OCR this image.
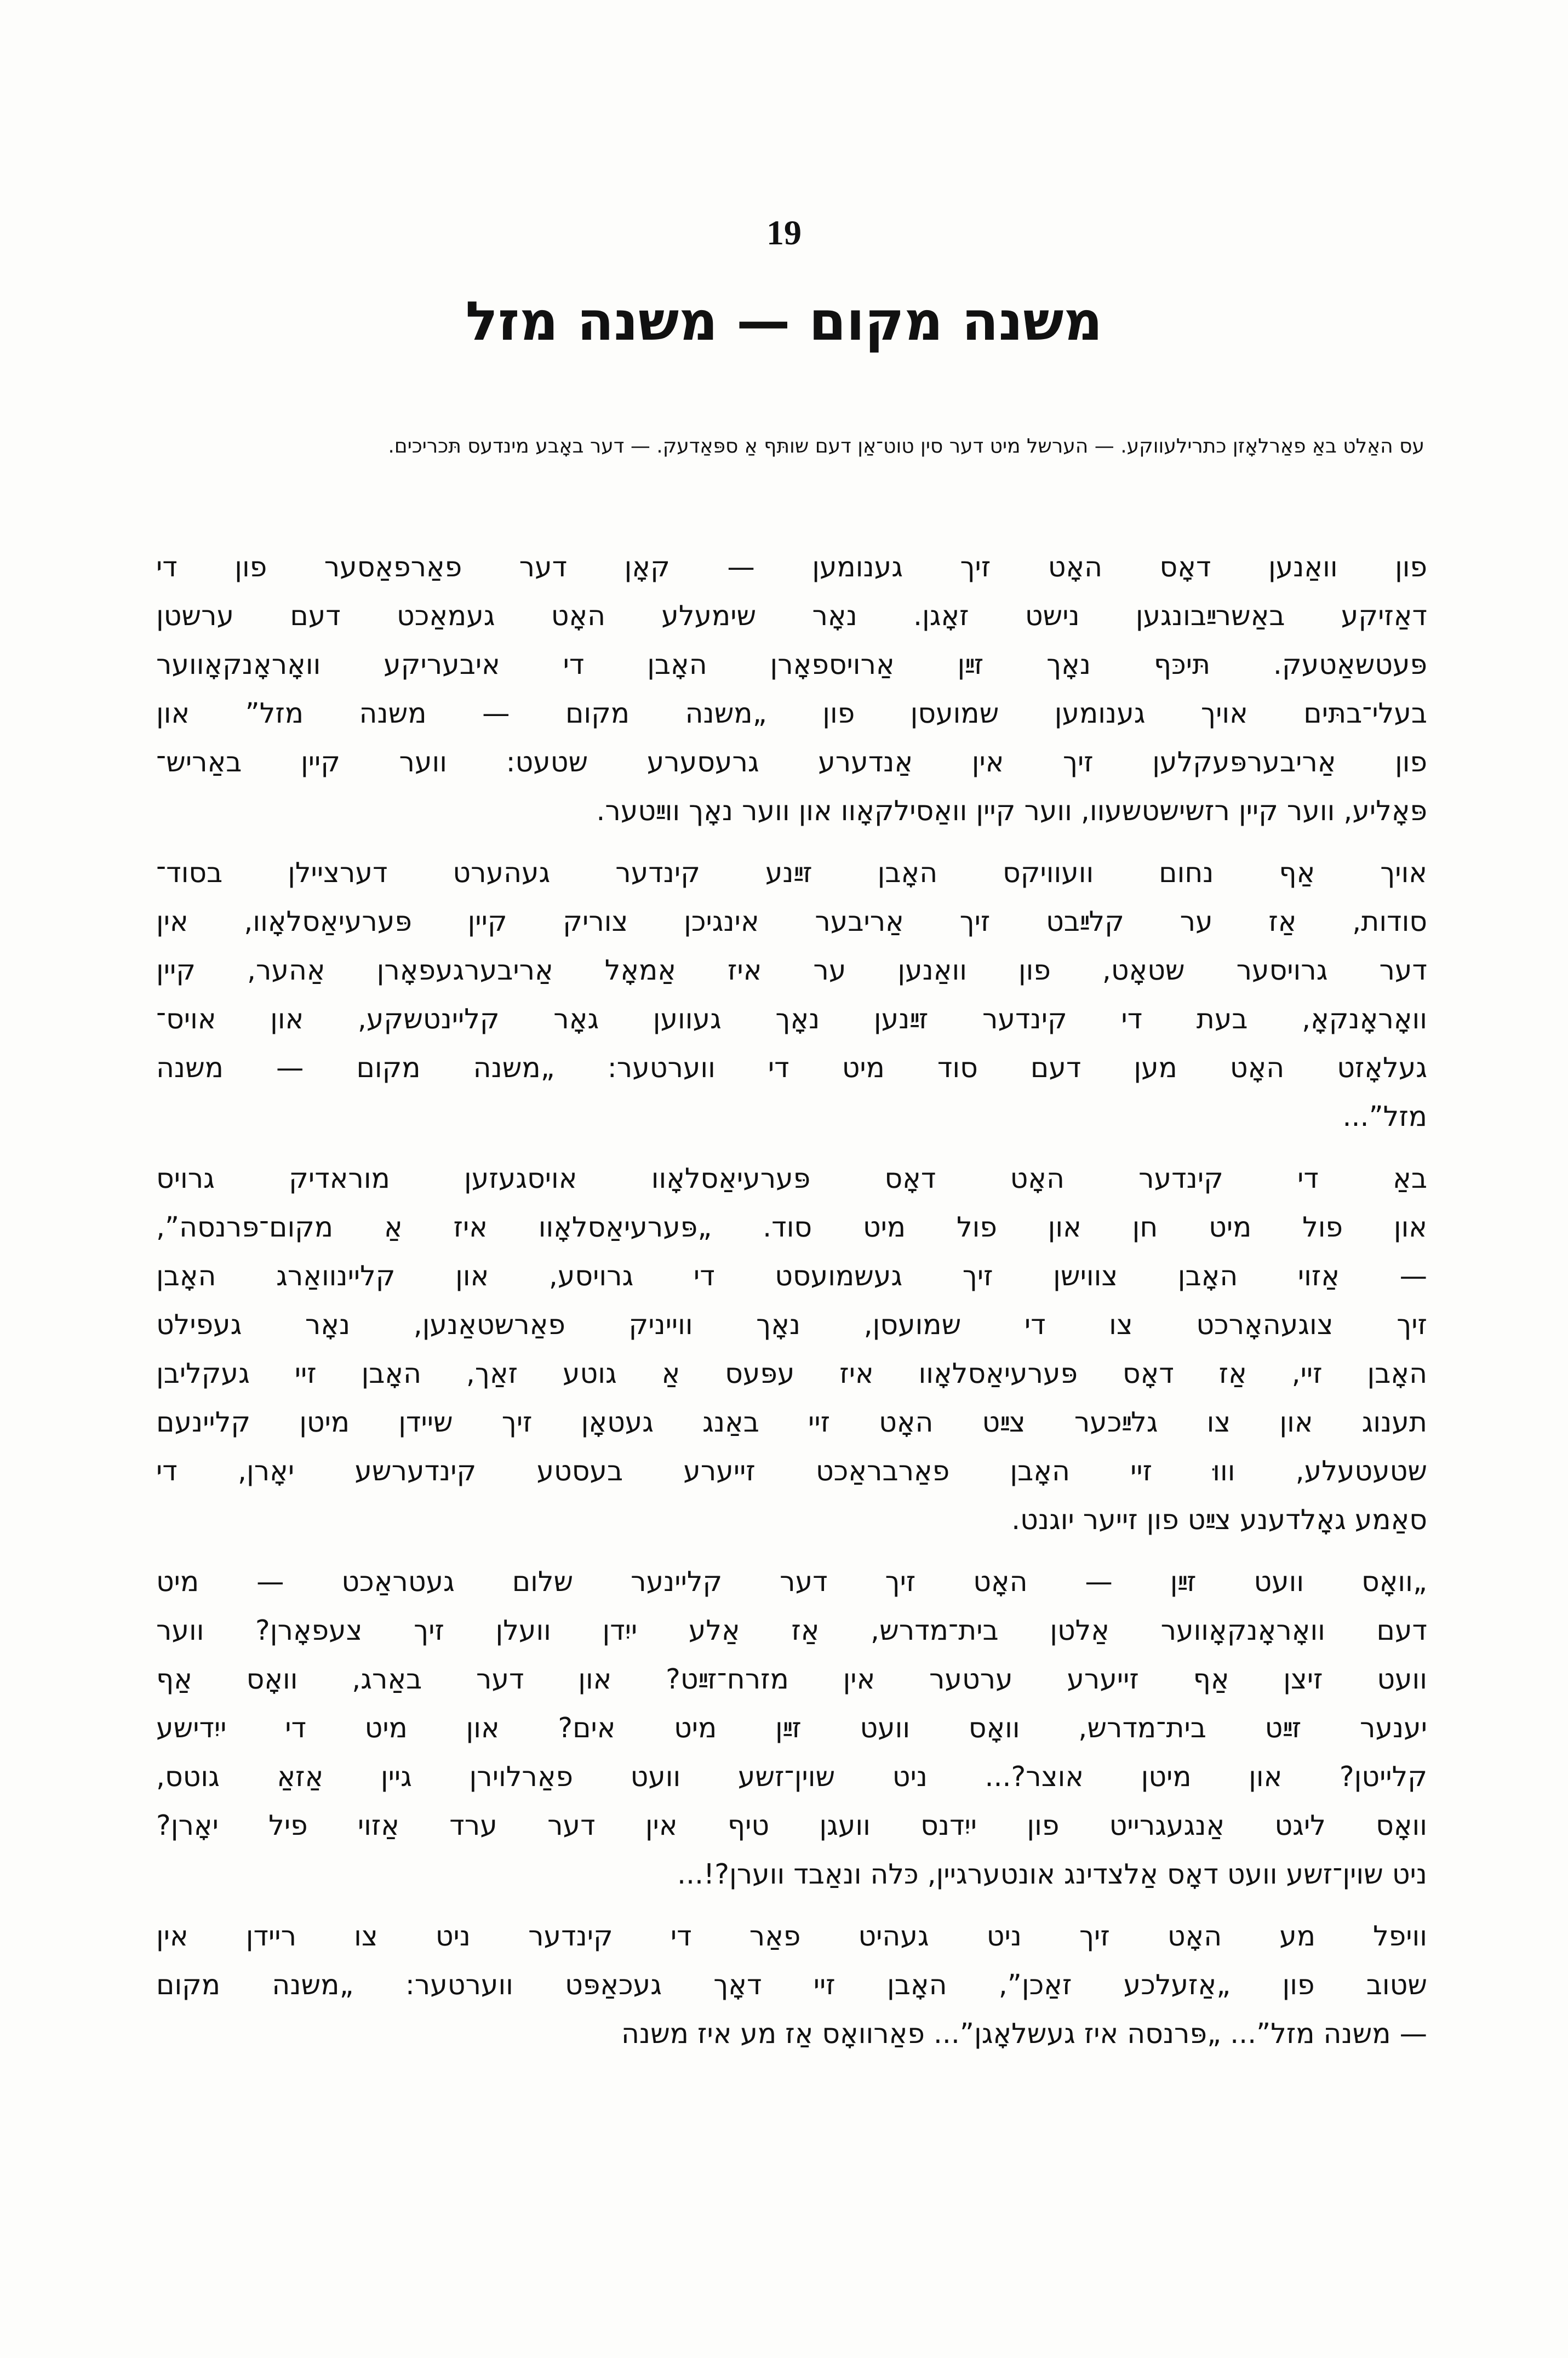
19
משנה מקום — משנה מזל
עס האַלט באַ פאַרלאָזן כתרילעווקע. — הערשל מיט דער סין טוט־אַן דעם שותּף אַ ספּאַדעק. — דער באָבע מינדעס תּכריכים.

פון וואַנען דאָס האָט זיך גענומען — קאָן דער פאַרפאַסער פון די
דאַזיקע באַשרײַבונגען נישט זאָגן. נאָר שימעלע האָט געמאַכט דעם ערשטן
פּעטשאַטעק. תּיכּף נאָך זײַן אַרויספאָרן האָבן די איבעריקע וואָראָנקאָווער
בעלי־בתּים אויך גענומען שמועסן פון „משנה מקום — משנה מזל” און
פון אַריבערפּעקלען זיך אין אַנדערע גרעסערע שטעט: ווער קיין באַריש־
פּאָליע, ווער קיין רזשישטשעוו, ווער קיין וואַסילקאָוו און ווער נאָך ווײַטער.

אויך אַף נחום וועוויקס האָבן זײַנע קינדער געהערט דערציילן בסוד־
סודות, אַז ער קלײַבט זיך אַריבער אינגיכן צוריק קיין פּערעיאַסלאָוו, אין
דער גרויסער שטאָט, פון וואַנען ער איז אַמאָל אַריבערגעפאָרן אַהער, קיין
וואָראָנקאָ, בעת די קינדער זײַנען נאָך געווען גאָר קליינטשקע, און אויס־
געלאָזט האָט מען דעם סוד מיט די ווערטער: „משנה מקום — משנה
מזל”...

באַ די קינדער האָט דאָס פּערעיאַסלאָוו אויסגעזען מוראדיק גרויס
און פול מיט חן און פול מיט סוד. „פּערעיאַסלאָוו איז אַ מקום־פּרנסה”,
— אַזוי האָבן צווישן זיך געשמועסט די גרויסע, און קליינוואַרג האָבן
זיך צוגעהאָרכט צו די שמועסן, נאָך ווייניק פאַרשטאַנען, נאָר געפילט
האָבן זיי, אַז דאָס פּערעיאַסלאָוו איז עפּעס אַ גוטע זאַך, האָבן זיי געקליבן
תענוג און צו גלײַכער צײַט האָט זיי באַנג געטאָן זיך שיידן מיטן קליינעם
שטעטעלע, וווּ זיי האָבן פאַרבראַכט זייערע בעסטע קינדערשע יאָרן, די
סאַמע גאָלדענע צײַט פון זייער יוגנט.

„וואָס וועט זײַן — האָט זיך דער קליינער שלום געטראַכט — מיט
דעם וואָראָנקאָווער אַלטן בית־מדרש, אַז אַלע ייִדן וועלן זיך צעפאָרן? ווער
וועט זיצן אַף זייערע ערטער אין מזרח־זײַט? און דער באַרג, וואָס אַף
יענער זײַט בית־מדרש, וואָס וועט זײַן מיט אים? און מיט די ייִדישע
קלייטן? און מיטן אוצר?... ניט שוין־זשע וועט פאַרלוירן גיין אַזאַ גוטס,
וואָס ליגט אַנגעגרייט פון ייִדנס וועגן טיף אין דער ערד אַזוי פיל יאָרן?
ניט שוין־זשע וועט דאָס אַלצדינג אונטערגיין, כּלה ונאַבד ווערן?!...

וויפל מע האָט זיך ניט געהיט פאַר די קינדער ניט צו ריידן אין
שטוב פון „אַזעלכע זאַכן”, האָבן זיי דאָך געכאַפּט ווערטער: „משנה מקום
— משנה מזל”... „פּרנסה איז געשלאָגן”... פאַרוואָס אַז מע איז משנה
